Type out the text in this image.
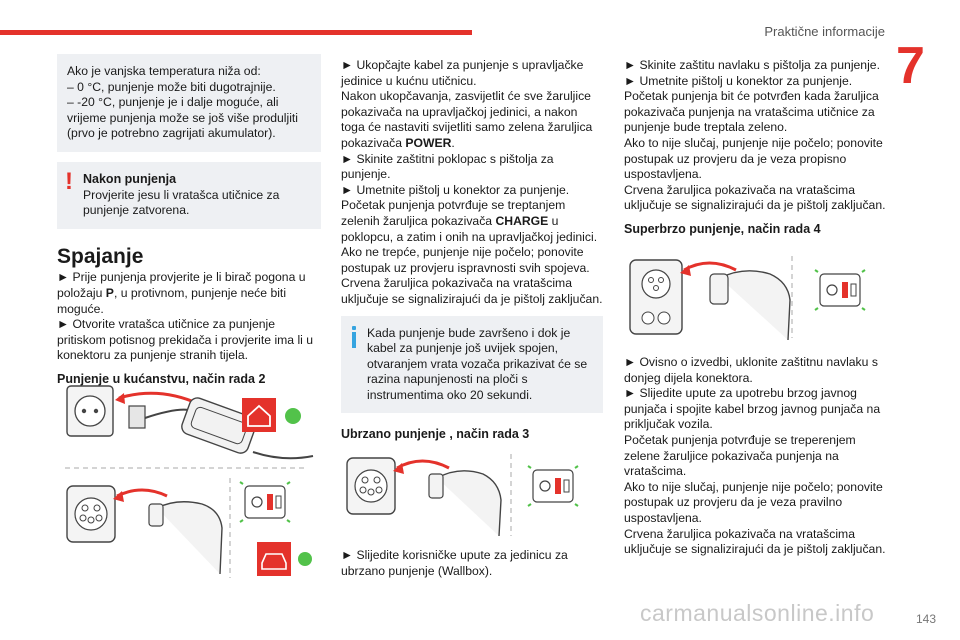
Praktične informacije
7

Ako je vanjska temperatura niža od:

– 0 °C, punjenje može biti dugotrajnije.

– -20 °C, punjenje je i dalje moguće, ali vrijeme punjenja može se još više produljiti (prvo je potrebno zagrijati akumulator).

! Nakon punjenja

Provjerite jesu li vratašca utičnice za punjenje zatvorena.

Spajanje

► Prije punjenja provjerite je li birač pogona u položaju P, u protivnom, punjenje neće biti moguće.

► Otvorite vratašca utičnice za punjenje pritiskom potisnog prekidača i provjerite ima li u konektoru za punjenje stranih tijela.

Punjenje u kućanstvu, način rada 2

► Ukopčajte kabel za punjenje s upravljačke jedinice u kućnu utičnicu.

Nakon ukopčavanja, zasvijetlit će sve žaruljice pokazivača na upravljačkoj jedinici, a nakon toga će nastaviti svijetliti samo zelena žaruljica pokazivača POWER.

► Skinite zaštitni poklopac s pištolja za punjenje.

► Umetnite pištolj u konektor za punjenje.

Početak punjenja potvrđuje se treptanjem zelenih žaruljica pokazivača CHARGE u poklopcu, a zatim i onih na upravljačkoj jedinici.

Ako ne trepće, punjenje nije počelo; ponovite postupak uz provjeru ispravnosti svih spojeva.

Crvena žaruljica pokazivača na vratašcima uključuje se signalizirajući da je pištolj zaključan.

Kada punjenje bude završeno i dok je kabel za punjenje još uvijek spojen, otvaranjem vrata vozača prikazivat će se razina napunjenosti na ploči s instrumentima oko 20 sekundi.

Ubrzano punjenje , način rada 3

► Slijedite korisničke upute za jedinicu za ubrzano punjenje (Wallbox).

► Skinite zaštitu navlaku s pištolja za punjenje.

► Umetnite pištolj u konektor za punjenje.

Početak punjenja bit će potvrđen kada žaruljica pokazivača punjenja na vratašcima utičnice za punjenje bude treptala zeleno.

Ako to nije slučaj, punjenje nije počelo; ponovite postupak uz provjeru da je veza propisno uspostavljena.

Crvena žaruljica pokazivača na vratašcima uključuje se signalizirajući da je pištolj zaključan.

Superbrzo punjenje, način rada 4

► Ovisno o izvedbi, uklonite zaštitnu navlaku s donjeg dijela konektora.

► Slijedite upute za upotrebu brzog javnog punjača i spojite kabel brzog javnog punjača na priključak vozila.

Početak punjenja potvrđuje se treperenjem zelene žaruljice pokazivača punjenja na vratašcima.

Ako to nije slučaj, punjenje nije počelo; ponovite postupak uz provjeru da je veza pravilno uspostavljena.

Crvena žaruljica pokazivača na vratašcima uključuje se signalizirajući da je pištolj zaključan.

carmanualsonline.info	143
